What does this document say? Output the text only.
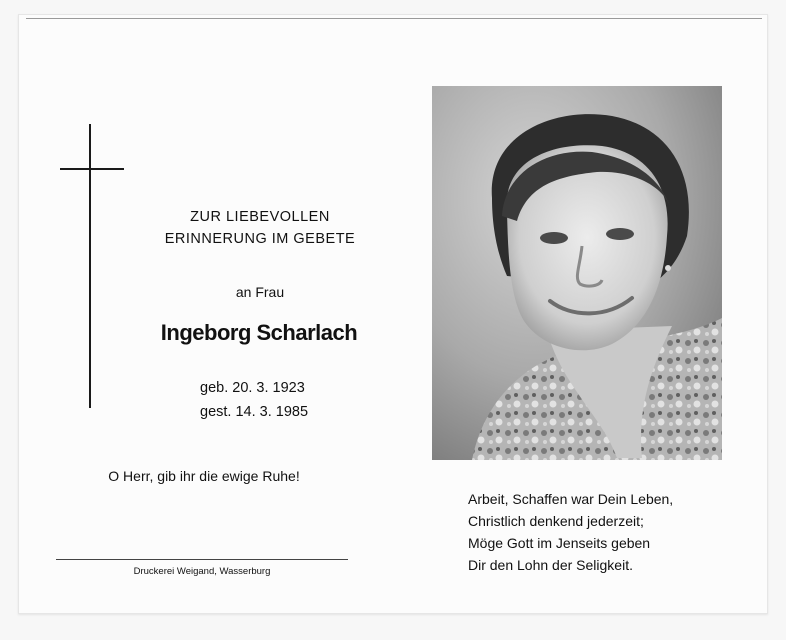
ZUR LIEBEVOLLEN
ERINNERUNG IM GEBETE
an Frau
Ingeborg Scharlach
geb. 20. 3. 1923
gest. 14. 3. 1985
O Herr, gib ihr die ewige Ruhe!
Druckerei Weigand, Wasserburg
Arbeit, Schaffen war Dein Leben,
Christlich denkend jederzeit;
Möge Gott im Jenseits geben
Dir den Lohn der Seligkeit.
